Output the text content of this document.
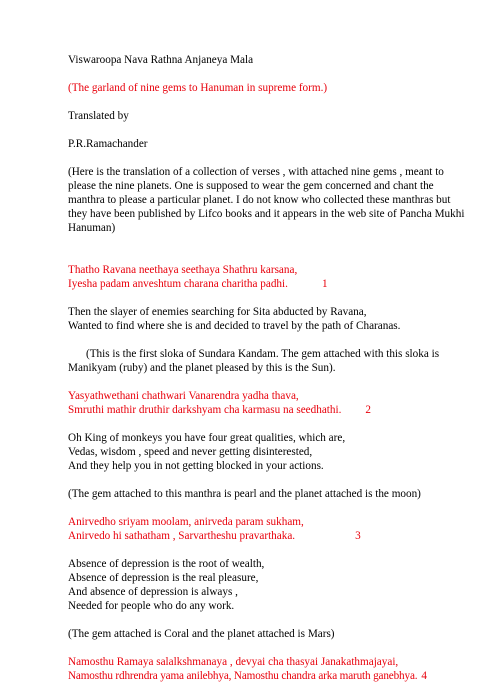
Viswaroopa Nava Rathna Anjaneya Mala
(The garland of nine gems to Hanuman in supreme form.)
Translated by
P.R.Ramachander
(Here is the translation of a collection of verses , with attached nine gems , meant to
please the nine planets. One is supposed to wear the gem concerned and chant the
manthra to please a particular planet. I do not know who collected these manthras but
they have been published by Lifco books and it appears in the web site of Pancha Mukhi
Hanuman)
Thatho Ravana neethaya seethaya Shathru karsana,
Iyesha padam anveshtum charana charitha padhi.	1
Then the slayer of enemies searching for Sita abducted by Ravana,
Wanted to find where she is and decided to travel by the path of Charanas.
(This is the first sloka of Sundara Kandam. The gem attached with this sloka is
Manikyam (ruby) and the planet pleased by this is the Sun).
Yasyathwethani chathwari Vanarendra yadha thava,
Smruthi mathir druthir darkshyam cha karmasu na seedhathi. 2
Oh King of monkeys you have four great qualities, which are,
Vedas, wisdom , speed and never getting disinterested,
And they help you in not getting blocked in your actions.
(The gem attached to this manthra is pearl and the planet attached is the moon)
Anirvedho sriyam moolam, anirveda param sukham,
Anirvedo hi sathatham , Sarvartheshu pravarthaka.	3
Absence of depression is the root of wealth,
Absence of depression is the real pleasure,
And absence of depression is always ,
Needed for people who do any work.
(The gem attached is Coral and the planet attached is Mars)
Namosthu Ramaya salalkshmanaya , devyai cha thasyai Janakathmajayai,
Namosthu rdhrendra yama anilebhya, Namosthu chandra arka maruth ganebhya. 4
